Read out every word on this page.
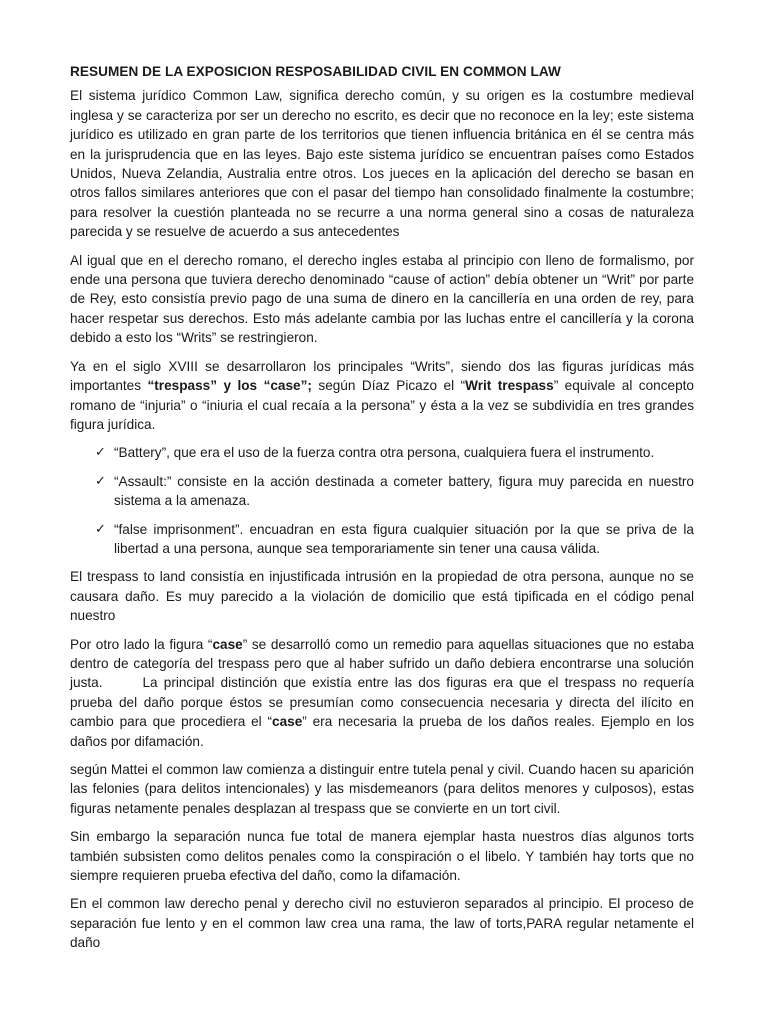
RESUMEN DE LA EXPOSICION RESPOSABILIDAD CIVIL EN COMMON LAW

El sistema jurídico Common Law, significa derecho común, y su origen es la costumbre medieval inglesa y se caracteriza por ser un derecho no escrito, es decir que no reconoce en la ley; este sistema jurídico es utilizado en gran parte de los territorios que tienen influencia británica en él se centra más en la jurisprudencia que en las leyes. Bajo este sistema jurídico se encuentran países como Estados Unidos, Nueva Zelandia, Australia entre otros. Los jueces en la aplicación del derecho se basan en otros fallos similares anteriores que con el pasar del tiempo han consolidado finalmente la costumbre; para resolver la cuestión planteada no se recurre a una norma general sino a cosas de naturaleza parecida y se resuelve de acuerdo a sus antecedentes

Al igual que en el derecho romano, el derecho ingles estaba al principio con lleno de formalismo, por ende una persona que tuviera derecho denominado “cause of action” debía obtener un “Writ” por parte de Rey, esto consistía previo pago de una suma de dinero en la cancillería en una orden de rey, para hacer respetar sus derechos. Esto más adelante cambia por las luchas entre el cancillería y la corona debido a esto los “Writs” se restringieron.

Ya en el siglo XVIII se desarrollaron los principales “Writs”, siendo dos las figuras jurídicas más importantes “trespass” y los “case”; según Díaz Picazo el “Writ trespass” equivale al concepto romano de “injuria” o “iniuria el cual recaía a la persona” y ésta a la vez se subdividía en tres grandes figura jurídica.

✓ “Battery”, que era el uso de la fuerza contra otra persona, cualquiera fuera el instrumento.
✓ “Assault:” consiste en la acción destinada a cometer battery, figura muy parecida en nuestro sistema a la amenaza.
✓ “false imprisonment”. encuadran en esta figura cualquier situación por la que se priva de la libertad a una persona, aunque sea temporariamente sin tener una causa válida.

El trespass to land consistía en injustificada intrusión en la propiedad de otra persona, aunque no se causara daño. Es muy parecido a la violación de domicilio que está tipificada en el código penal nuestro

Por otro lado la figura “case” se desarrolló como un remedio para aquellas situaciones que no estaba dentro de categoría del trespass pero que al haber sufrido un daño debiera encontrarse una solución justa.	La principal distinción que existía entre las dos figuras era que el trespass no requería prueba del daño porque éstos se presumían como consecuencia necesaria y directa del ilícito en cambio para que procediera el “case” era necesaria la prueba de los daños reales. Ejemplo en los daños por difamación.

según Mattei el common law comienza a distinguir entre tutela penal y civil. Cuando hacen su aparición las felonies (para delitos intencionales) y las misdemeanors (para delitos menores y culposos), estas figuras netamente penales desplazan al trespass que se convierte en un tort civil.

Sin embargo la separación nunca fue total de manera ejemplar hasta nuestros días algunos torts también subsisten como delitos penales como la conspiración o el libelo. Y también hay torts que no siempre requieren prueba efectiva del daño, como la difamación.

En el common law derecho penal y derecho civil no estuvieron separados al principio. El proceso de separación fue lento y en el common law crea una rama, the law of torts,PARA regular netamente el daño
